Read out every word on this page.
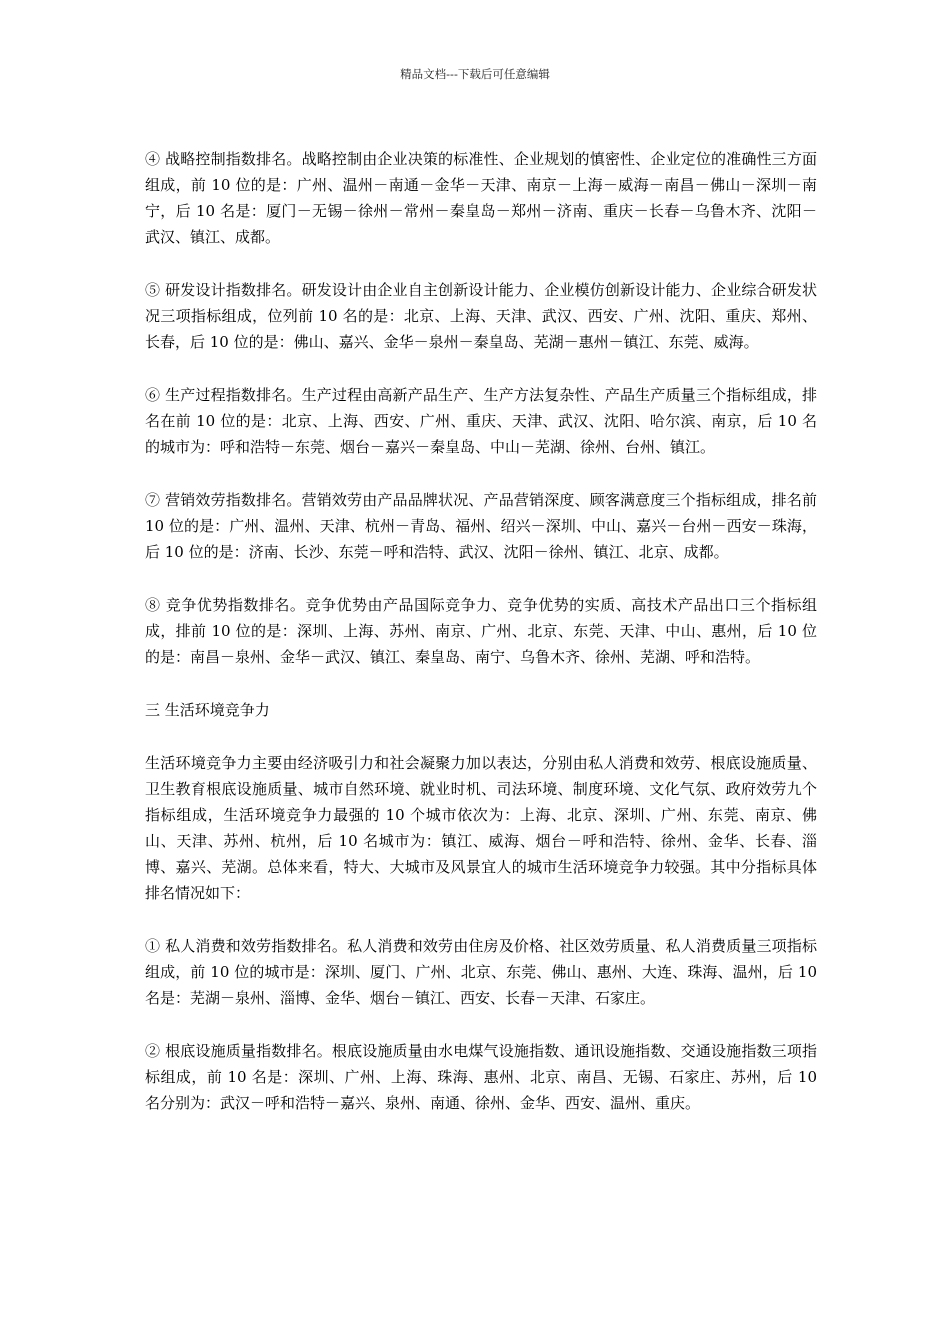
精品文档---下载后可任意编辑

④ 战略控制指数排名。战略控制由企业决策的标准性、企业规划的慎密性、企业定位的准确性三方面组成，前 10 位的是：广州、温州－南通－金华－天津、南京－上海－威海－南昌－佛山－深圳－南宁，后 10 名是：厦门－无锡－徐州－常州－秦皇岛－郑州－济南、重庆－长春－乌鲁木齐、沈阳－武汉、镇江、成都。

⑤ 研发设计指数排名。研发设计由企业自主创新设计能力、企业模仿创新设计能力、企业综合研发状况三项指标组成，位列前 10 名的是：北京、上海、天津、武汉、西安、广州、沈阳、重庆、郑州、长春，后 10 位的是：佛山、嘉兴、金华－泉州－秦皇岛、芜湖－惠州－镇江、东莞、威海。

⑥ 生产过程指数排名。生产过程由高新产品生产、生产方法复杂性、产品生产质量三个指标组成，排名在前 10 位的是：北京、上海、西安、广州、重庆、天津、武汉、沈阳、哈尔滨、南京，后 10 名的城市为：呼和浩特－东莞、烟台－嘉兴－秦皇岛、中山－芜湖、徐州、台州、镇江。

⑦ 营销效劳指数排名。营销效劳由产品品牌状况、产品营销深度、顾客满意度三个指标组成，排名前 10 位的是：广州、温州、天津、杭州－青岛、福州、绍兴－深圳、中山、嘉兴－台州－西安－珠海，后 10 位的是：济南、长沙、东莞－呼和浩特、武汉、沈阳－徐州、镇江、北京、成都。

⑧ 竞争优势指数排名。竞争优势由产品国际竞争力、竞争优势的实质、高技术产品出口三个指标组成，排前 10 位的是：深圳、上海、苏州、南京、广州、北京、东莞、天津、中山、惠州，后 10 位的是：南昌－泉州、金华－武汉、镇江、秦皇岛、南宁、乌鲁木齐、徐州、芜湖、呼和浩特。

三 生活环境竞争力

生活环境竞争力主要由经济吸引力和社会凝聚力加以表达，分别由私人消费和效劳、根底设施质量、卫生教育根底设施质量、城市自然环境、就业时机、司法环境、制度环境、文化气氛、政府效劳九个指标组成，生活环境竞争力最强的 10 个城市依次为：上海、北京、深圳、广州、东莞、南京、佛山、天津、苏州、杭州，后 10 名城市为：镇江、威海、烟台－呼和浩特、徐州、金华、长春、淄博、嘉兴、芜湖。总体来看，特大、大城市及风景宜人的城市生活环境竞争力较强。其中分指标具体排名情况如下：

① 私人消费和效劳指数排名。私人消费和效劳由住房及价格、社区效劳质量、私人消费质量三项指标组成，前 10 位的城市是：深圳、厦门、广州、北京、东莞、佛山、惠州、大连、珠海、温州，后 10 名是：芜湖－泉州、淄博、金华、烟台－镇江、西安、长春－天津、石家庄。

② 根底设施质量指数排名。根底设施质量由水电煤气设施指数、通讯设施指数、交通设施指数三项指标组成，前 10 名是：深圳、广州、上海、珠海、惠州、北京、南昌、无锡、石家庄、苏州，后 10 名分别为：武汉－呼和浩特－嘉兴、泉州、南通、徐州、金华、西安、温州、重庆。
